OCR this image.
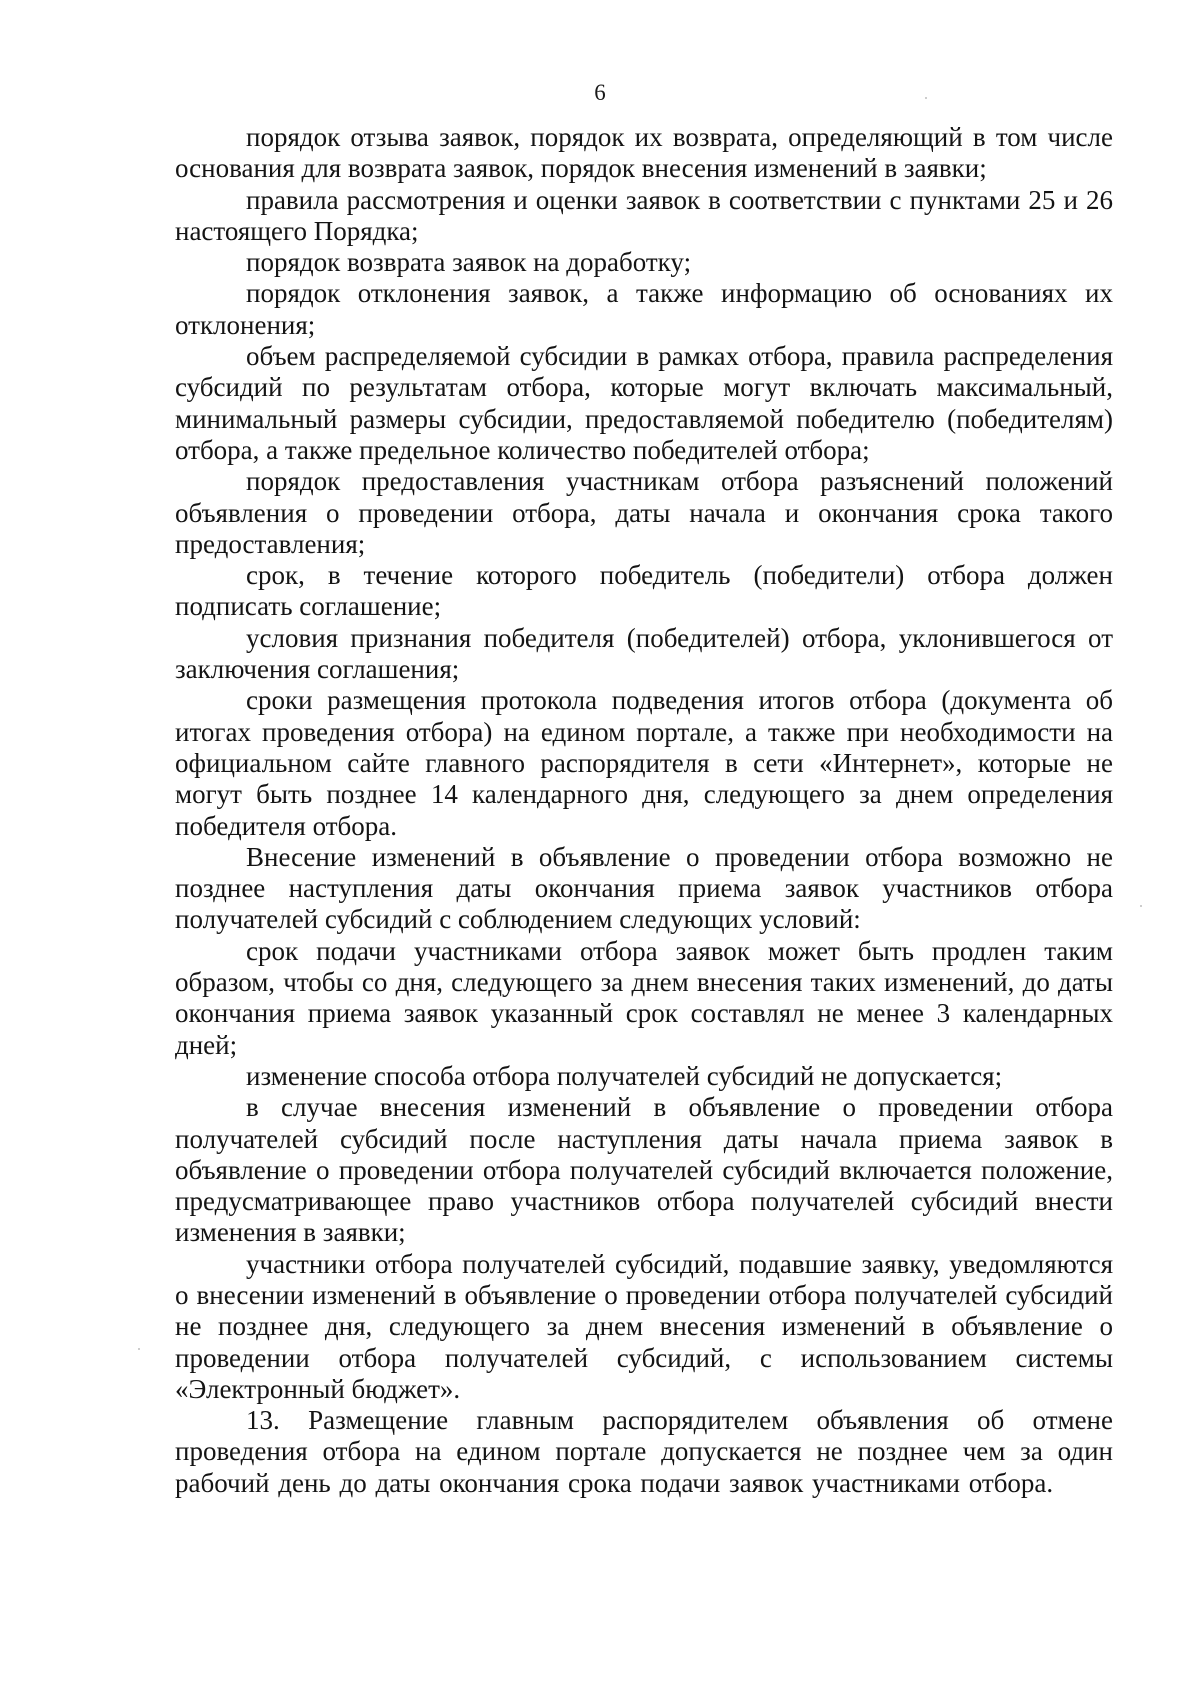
6

порядок отзыва заявок, порядок их возврата, определяющий в том числе основания для возврата заявок, порядок внесения изменений в заявки;

правила рассмотрения и оценки заявок в соответствии с пунктами 25 и 26 настоящего Порядка;

порядок возврата заявок на доработку;

порядок отклонения заявок, а также информацию об основаниях их отклонения;

объем распределяемой субсидии в рамках отбора, правила распределения субсидий по результатам отбора, которые могут включать максимальный, минимальный размеры субсидии, предоставляемой победителю (победителям) отбора, а также предельное количество победителей отбора;

порядок предоставления участникам отбора разъяснений положений объявления о проведении отбора, даты начала и окончания срока такого предоставления;

срок, в течение которого победитель (победители) отбора должен подписать соглашение;

условия признания победителя (победителей) отбора, уклонившегося от заключения соглашения;

сроки размещения протокола подведения итогов отбора (документа об итогах проведения отбора) на едином портале, а также при необходимости на официальном сайте главного распорядителя в сети «Интернет», которые не могут быть позднее 14 календарного дня, следующего за днем определения победителя отбора.

Внесение изменений в объявление о проведении отбора возможно не позднее наступления даты окончания приема заявок участников отбора получателей субсидий с соблюдением следующих условий:

срок подачи участниками отбора заявок может быть продлен таким образом, чтобы со дня, следующего за днем внесения таких изменений, до даты окончания приема заявок указанный срок составлял не менее 3 календарных дней;

изменение способа отбора получателей субсидий не допускается;

в случае внесения изменений в объявление о проведении отбора получателей субсидий после наступления даты начала приема заявок в объявление о проведении отбора получателей субсидий включается положение, предусматривающее право участников отбора получателей субсидий внести изменения в заявки;

участники отбора получателей субсидий, подавшие заявку, уведомляются о внесении изменений в объявление о проведении отбора получателей субсидий не позднее дня, следующего за днем внесения изменений в объявление о проведении отбора получателей субсидий, с использованием системы «Электронный бюджет».

13. Размещение главным распорядителем объявления об отмене проведения отбора на едином портале допускается не позднее чем за один рабочий день до даты окончания срока подачи заявок участниками отбора.
